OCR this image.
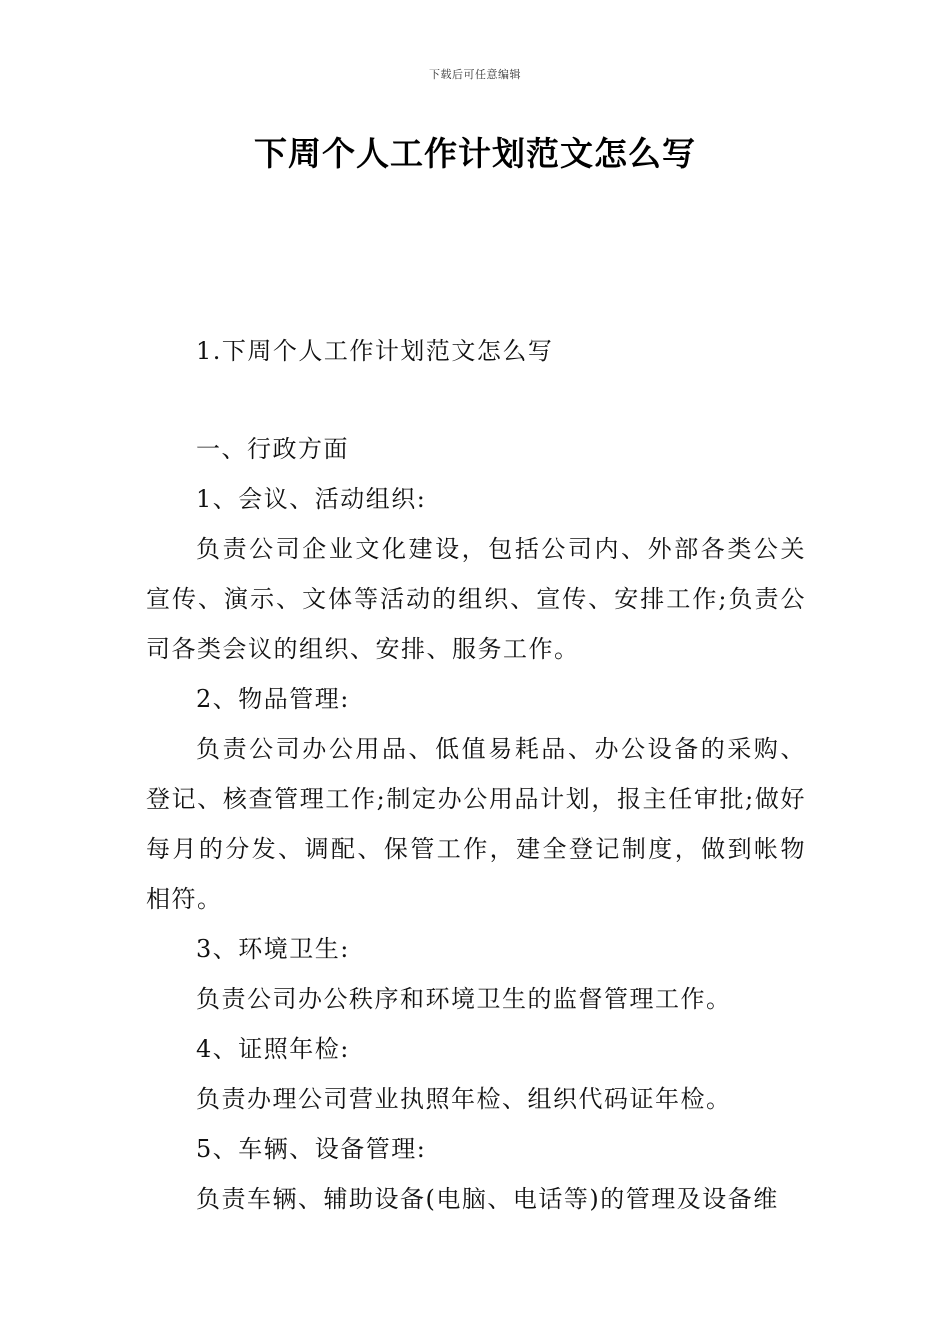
下载后可任意编辑
下周个人工作计划范文怎么写

1.下周个人工作计划范文怎么写

一、行政方面

1、会议、活动组织:

负责公司企业文化建设，包括公司内、外部各类公关宣传、演示、文体等活动的组织、宣传、安排工作;负责公司各类会议的组织、安排、服务工作。

2、物品管理:

负责公司办公用品、低值易耗品、办公设备的采购、登记、核查管理工作;制定办公用品计划，报主任审批;做好每月的分发、调配、保管工作，建全登记制度，做到帐物相符。

3、环境卫生:

负责公司办公秩序和环境卫生的监督管理工作。

4、证照年检:

负责办理公司营业执照年检、组织代码证年检。

5、车辆、设备管理:

负责车辆、辅助设备(电脑、电话等)的管理及设备维
